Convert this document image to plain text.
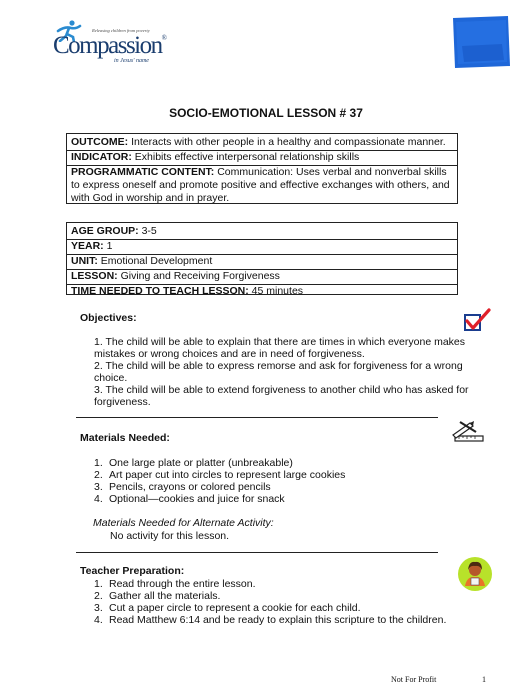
Releasing children from poverty
Compassion®
in Jesus' name
SOCIO-EMOTIONAL LESSON # 37
OUTCOME: Interacts with other people in a healthy and compassionate manner.
INDICATOR: Exhibits effective interpersonal relationship skills
PROGRAMMATIC CONTENT: Communication: Uses verbal and nonverbal skills to express oneself and promote positive and effective exchanges with others, and with God in worship and in prayer.
AGE GROUP: 3-5
YEAR: 1
UNIT: Emotional Development
LESSON: Giving and Receiving Forgiveness
TIME NEEDED TO TEACH LESSON: 45 minutes
Objectives:
1. The child will be able to explain that there are times in which everyone makes mistakes or wrong choices and are in need of forgiveness.
2. The child will be able to express remorse and ask for forgiveness for a wrong choice.
3. The child will be able to extend forgiveness to another child who has asked for forgiveness.
Materials Needed:
1. One large plate or platter (unbreakable)
2. Art paper cut into circles to represent large cookies
3. Pencils, crayons or colored pencils
4. Optional—cookies and juice for snack
Materials Needed for Alternate Activity:
No activity for this lesson.
Teacher Preparation:
1. Read through the entire lesson.
2. Gather all the materials.
3. Cut a paper circle to represent a cookie for each child.
4. Read Matthew 6:14 and be ready to explain this scripture to the children.
Not For Profit	1
